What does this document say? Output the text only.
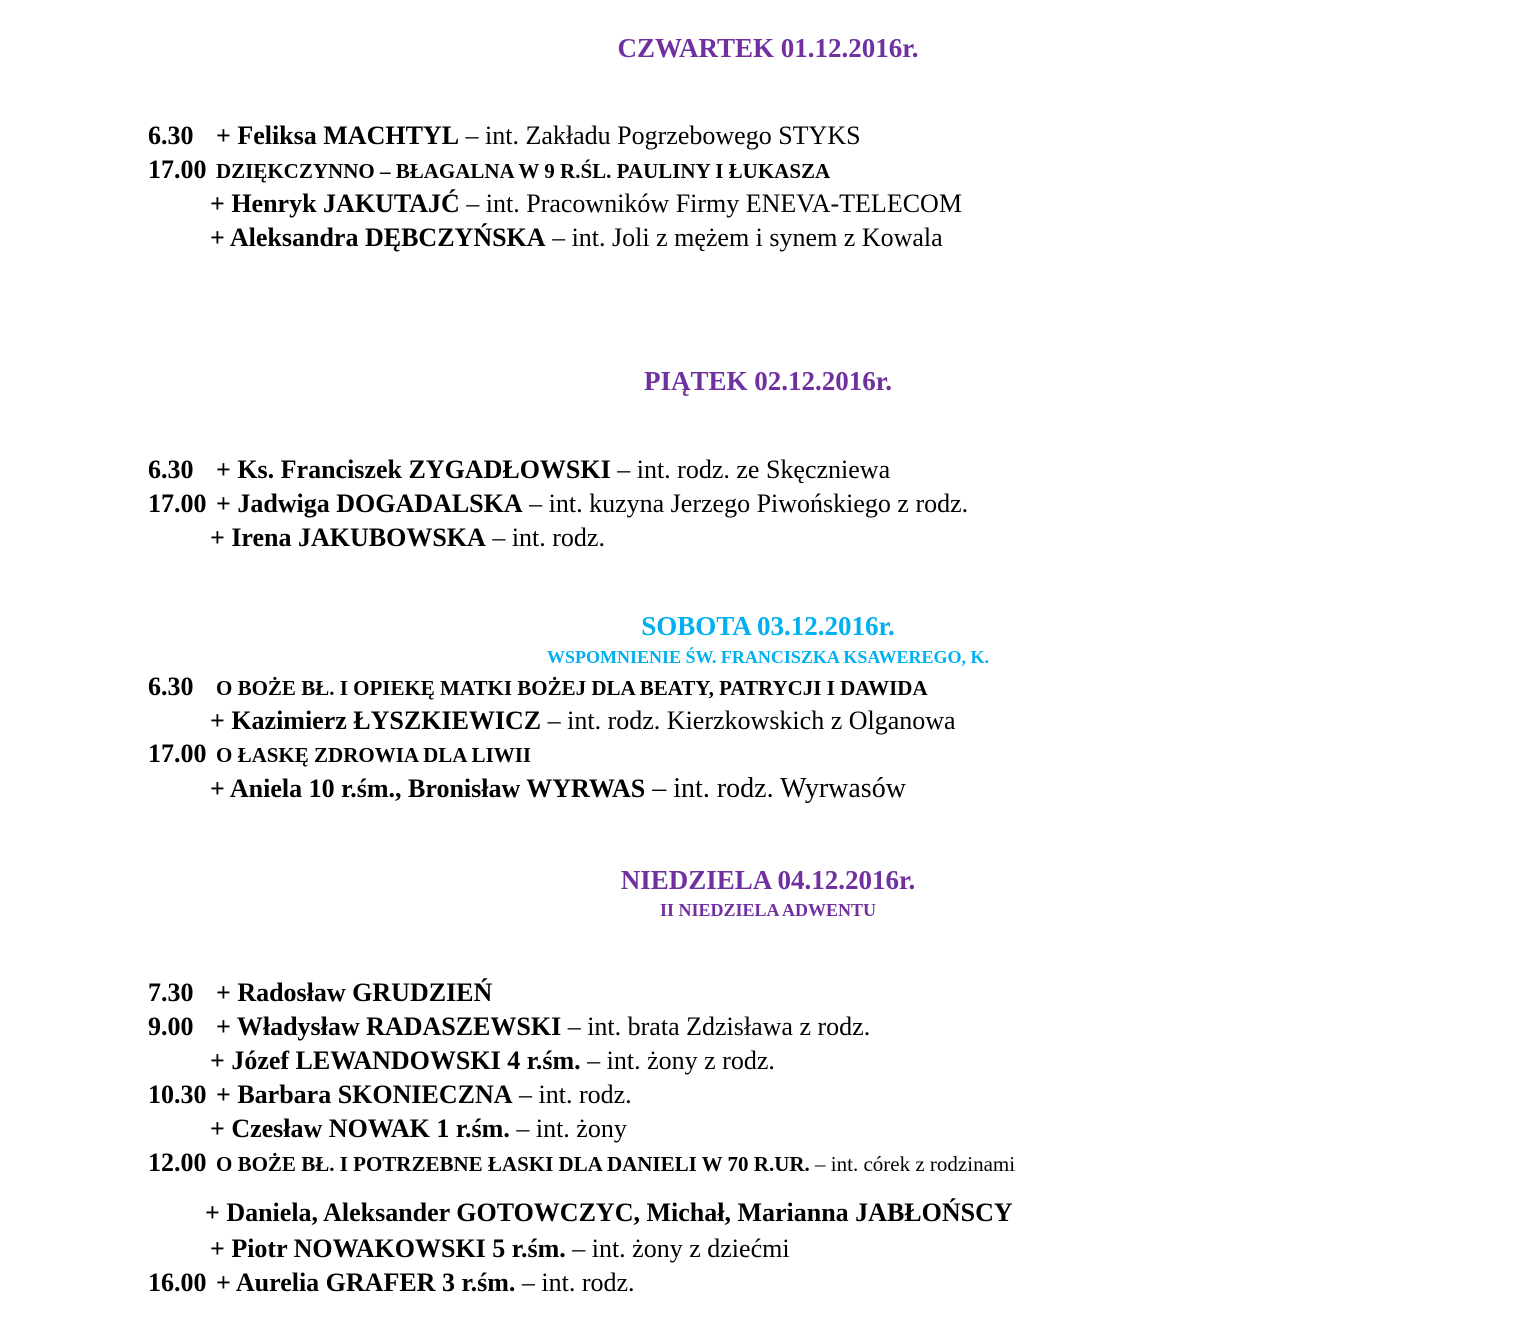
CZWARTEK 01.12.2016r.
6.30 + Feliksa MACHTYL – int. Zakładu Pogrzebowego STYKS
17.00 DZIĘKCZYNNO – BŁAGALNA W 9 R.ŚL. PAULINY I ŁUKASZA
+ Henryk JAKUTAJĆ – int. Pracowników Firmy ENEVA-TELECOM
+ Aleksandra DĘBCZYŃSKA – int. Joli z mężem i synem z Kowala
PIĄTEK 02.12.2016r.
6.30 + Ks. Franciszek ZYGADŁOWSKI – int. rodz. ze Skęczniewa
17.00 + Jadwiga DOGADALSKA – int. kuzyna Jerzego Piwońskiego z rodz.
+ Irena JAKUBOWSKA – int. rodz.
SOBOTA 03.12.2016r.
WSPOMNIENIE ŚW. FRANCISZKA KSAWEREGO, K.
6.30 O BOŻE BŁ. I OPIEKĘ MATKI BOŻEJ DLA BEATY, PATRYCJI I DAWIDA
+ Kazimierz ŁYSZKIEWICZ – int. rodz. Kierzkowskich z Olganowa
17.00 O ŁASKĘ ZDROWIA DLA LIWII
+ Aniela 10 r.śm., Bronisław WYRWAS – int. rodz. Wyrwasów
NIEDZIELA 04.12.2016r.
II NIEDZIELA ADWENTU
7.30 + Radosław GRUDZIEŃ
9.00 + Władysław RADASZEWSKI – int. brata Zdzisława z rodz.
+ Józef LEWANDOWSKI 4 r.śm. – int. żony z rodz.
10.30 + Barbara SKONIECZNA – int. rodz.
+ Czesław NOWAK 1 r.śm. – int. żony
12.00 O BOŻE BŁ. I POTRZEBNE ŁASKI DLA DANIELI W 70 R.UR. – int. córek z rodzinami
+ Daniela, Aleksander GOTOWCZYC, Michał, Marianna JABŁOŃSCY
+ Piotr NOWAKOWSKI 5 r.śm. – int. żony z dziećmi
16.00 + Aurelia GRAFER 3 r.śm. – int. rodz.
